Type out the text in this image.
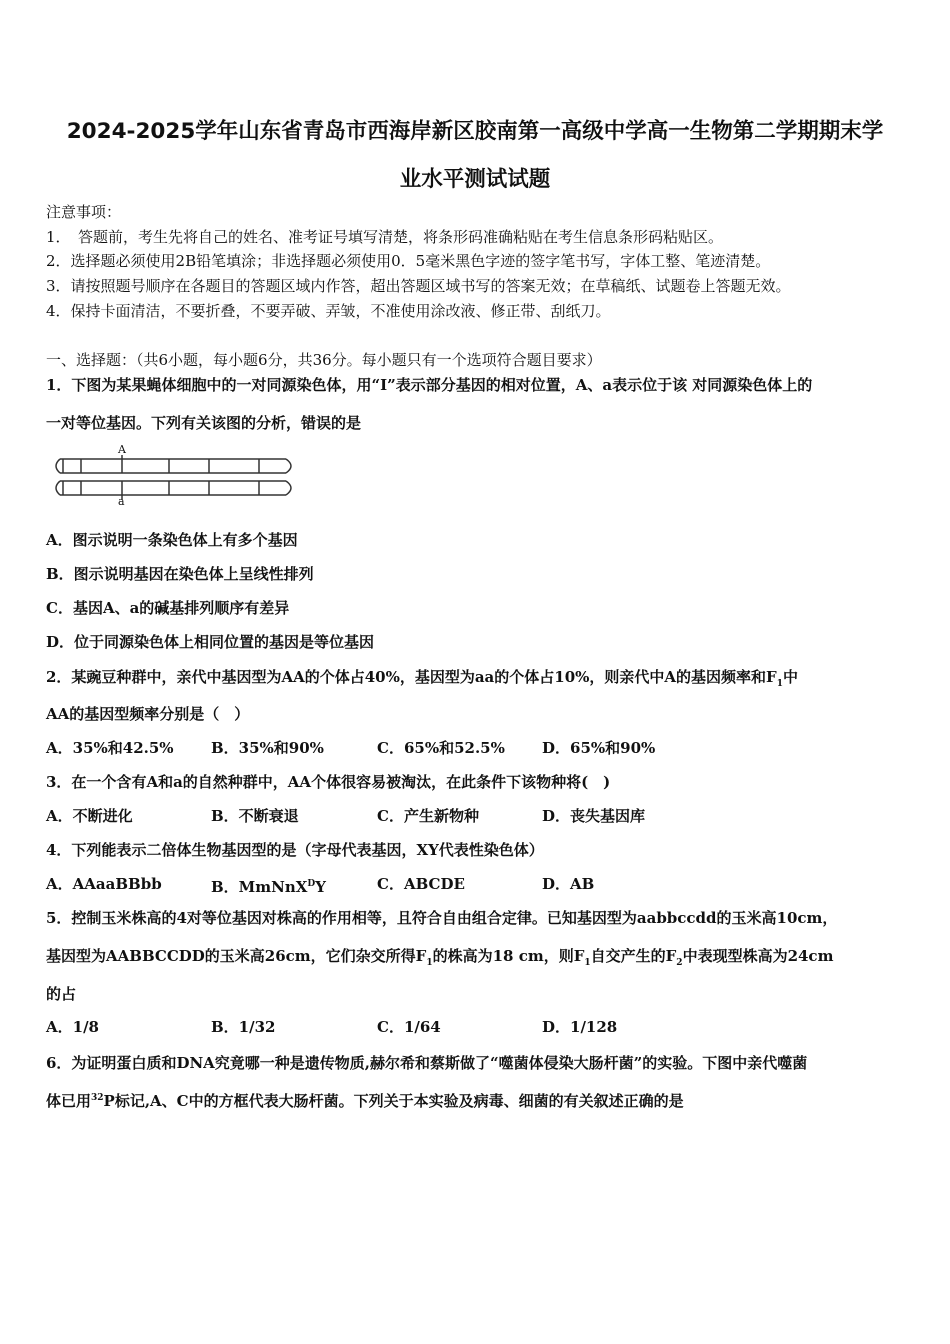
2024-2025学年山东省青岛市西海岸新区胶南第一高级中学高一生物第二学期期末学
业水平测试试题
注意事项：
1．　答题前，考生先将自己的姓名、准考证号填写清楚，将条形码准确粘贴在考生信息条形码粘贴区。
2．选择题必须使用2B铅笔填涂；非选择题必须使用0．5毫米黑色字迹的签字笔书写，字体工整、笔迹清楚。
3．请按照题号顺序在各题目的答题区域内作答，超出答题区域书写的答案无效；在草稿纸、试题卷上答题无效。
4．保持卡面清洁，不要折叠，不要弄破、弄皱，不准使用涂改液、修正带、刮纸刀。
一、选择题：（共6小题，每小题6分，共36分。每小题只有一个选项符合题目要求）
1．下图为某果蝇体细胞中的一对同源染色体，用“Ⅰ”表示部分基因的相对位置，A、a表示位于该 对同源染色体上的
一对等位基因。下列有关该图的分析，错误的是
A
a
A．图示说明一条染色体上有多个基因
B．图示说明基因在染色体上呈线性排列
C．基因A、a的碱基排列顺序有差异
D．位于同源染色体上相同位置的基因是等位基因
2．某豌豆种群中，亲代中基因型为AA的个体占40%，基因型为aa的个体占10%，则亲代中A的基因频率和$F_1$中
AA的基因型频率分别是（　）
A．35%和42.5% B．35%和90%	C．65%和52.5% D．65%和90%
3．在一个含有A和a的自然种群中，AA个体很容易被淘汰，在此条件下该物种将(　)
A．不断进化	B．不断衰退	C．产生新物种	D．丧失基因库
4．下列能表示二倍体生物基因型的是（字母代表基因，XY代表性染色体）
A．AAaaBBbb	B．MmNnX$^D$Y	C．ABCDE	D．AB
5．控制玉米株高的4对等位基因对株高的作用相等，且符合自由组合定律。已知基因型为aabbccdd的玉米高10cm，
基因型为AABBCCDD的玉米高26cm，它们杂交所得$F_1$的株高为18 cm，则$F_1$自交产生的$F_2$中表现型株高为24cm
的占
A．1/8	B．1/32	C．1/64	D．1/128
6．为证明蛋白质和DNA究竟哪一种是遗传物质,赫尔希和蔡斯做了“噬菌体侵染大肠杆菌”的实验。下图中亲代噬菌
体已用$^{32}$P标记,A、C中的方框代表大肠杆菌。下列关于本实验及病毒、细菌的有关叙述正确的是
